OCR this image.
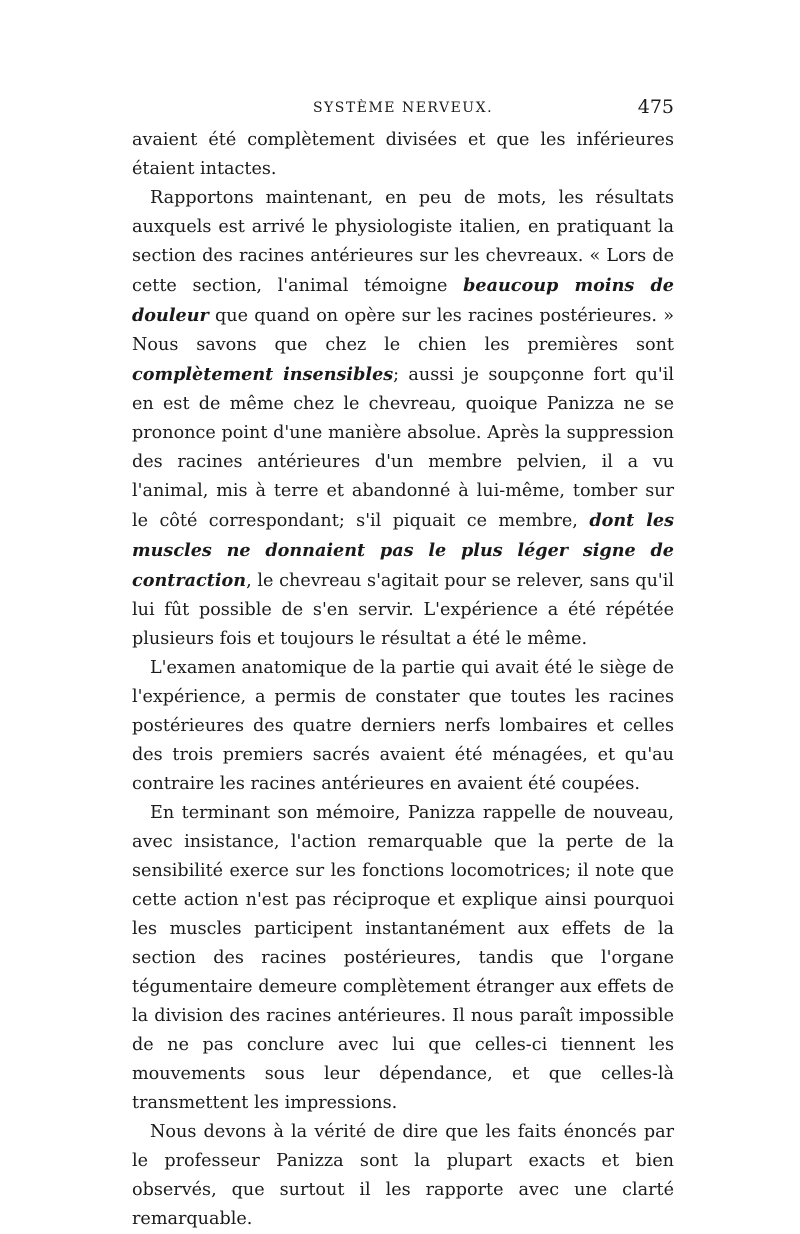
SYSTÈME NERVEUX.	475

avaient été complètement divisées et que les inférieures étaient intactes.

Rapportons maintenant, en peu de mots, les résultats auxquels est arrivé le physiologiste italien, en pratiquant la section des racines antérieures sur les chevreaux. « Lors de cette section, l'animal témoigne beaucoup moins de douleur que quand on opère sur les racines postérieures. » Nous savons que chez le chien les premières sont complètement insensibles; aussi je soupçonne fort qu'il en est de même chez le chevreau, quoique Panizza ne se prononce point d'une manière absolue. Après la suppression des racines antérieures d'un membre pelvien, il a vu l'animal, mis à terre et abandonné à lui-même, tomber sur le côté correspondant; s'il piquait ce membre, dont les muscles ne donnaient pas le plus léger signe de contraction, le chevreau s'agitait pour se relever, sans qu'il lui fût possible de s'en servir. L'expérience a été répétée plusieurs fois et toujours le résultat a été le même.

L'examen anatomique de la partie qui avait été le siège de l'expérience, a permis de constater que toutes les racines postérieures des quatre derniers nerfs lombaires et celles des trois premiers sacrés avaient été ménagées, et qu'au contraire les racines antérieures en avaient été coupées.

En terminant son mémoire, Panizza rappelle de nouveau, avec insistance, l'action remarquable que la perte de la sensibilité exerce sur les fonctions locomotrices; il note que cette action n'est pas réciproque et explique ainsi pourquoi les muscles participent instantanément aux effets de la section des racines postérieures, tandis que l'organe tégumentaire demeure complètement étranger aux effets de la division des racines antérieures. Il nous paraît impossible de ne pas conclure avec lui que celles-ci tiennent les mouvements sous leur dépendance, et que celles-là transmettent les impressions.

Nous devons à la vérité de dire que les faits énoncés par le professeur Panizza sont la plupart exacts et bien observés, que surtout il les rapporte avec une clarté remarquable.
